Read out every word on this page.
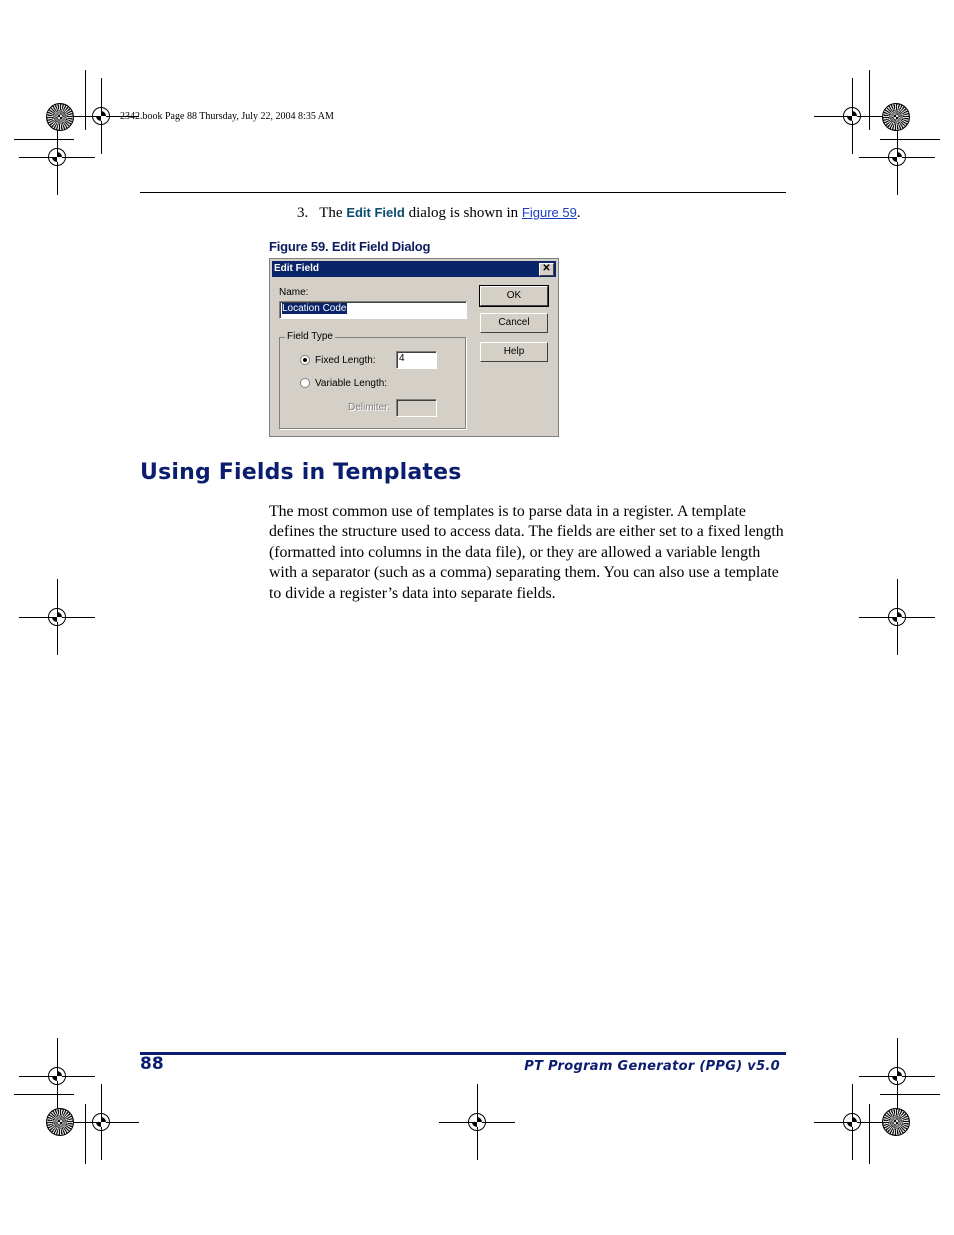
2342.book Page 88 Thursday, July 22, 2004 8:35 AM
3. The Edit Field dialog is shown in Figure 59.
Figure 59. Edit Field Dialog
Edit Field	✕
Name:
Location Code
OK
Cancel
Help
Field Type
Fixed Length:	4
Variable Length:
Delimiter:
Using Fields in Templates
The most common use of templates is to parse data in a register. A template defines the structure used to access data. The fields are either set to a fixed length (formatted into columns in the data file), or they are allowed a variable length with a separator (such as a comma) separating them. You can also use a template to divide a register’s data into separate fields.
88	PT Program Generator (PPG) v5.0
